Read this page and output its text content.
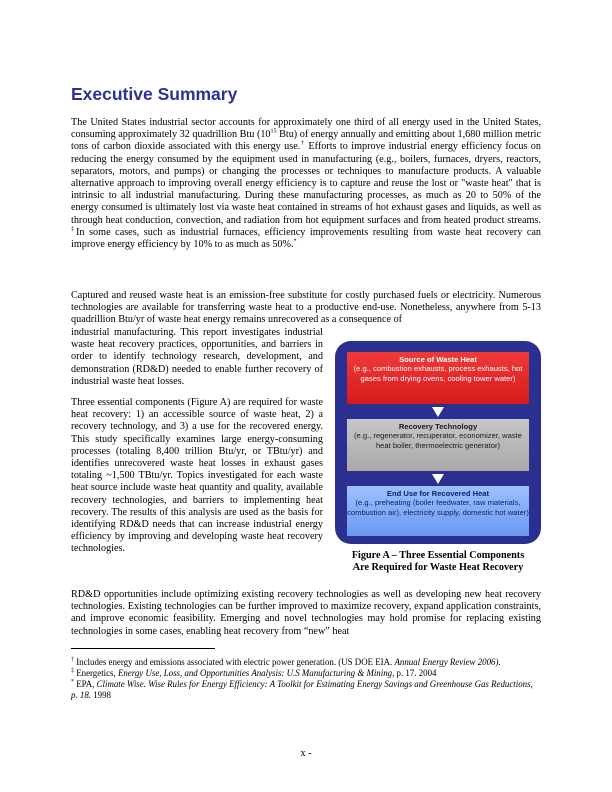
Executive Summary

The United States industrial sector accounts for approximately one third of all energy used in the United States, consuming approximately 32 quadrillion Btu ($10^{15}$ Btu) of energy annually and emitting about 1,680 million metric tons of carbon dioxide associated with this energy use.† Efforts to improve industrial energy efficiency focus on reducing the energy consumed by the equipment used in manufacturing (e.g., boilers, furnaces, dryers, reactors, separators, motors, and pumps) or changing the processes or techniques to manufacture products. A valuable alternative approach to improving overall energy efficiency is to capture and reuse the lost or "waste heat" that is intrinsic to all industrial manufacturing. During these manufacturing processes, as much as 20 to 50% of the energy consumed is ultimately lost via waste heat contained in streams of hot exhaust gases and liquids, as well as through heat conduction, convection, and radiation from hot equipment surfaces and from heated product streams. ‡In some cases, such as industrial furnaces, efficiency improvements resulting from waste heat recovery can improve energy efficiency by 10% to as much as 50%.*

Captured and reused waste heat is an emission-free substitute for costly purchased fuels or electricity. Numerous technologies are available for transferring waste heat to a productive end-use. Nonetheless, anywhere from 5-13 quadrillion Btu/yr of waste heat energy remains unrecovered as a consequence of

industrial manufacturing. This report investigates industrial waste heat recovery practices, opportunities, and barriers in order to identify technology research, development, and demonstration (RD&D) needed to enable further recovery of industrial waste heat losses.

Three essential components (Figure A) are required for waste heat recovery: 1) an accessible source of waste heat, 2) a recovery technology, and 3) a use for the recovered energy. This study specifically examines large energy-consuming processes (totaling 8,400 trillion Btu/yr, or TBtu/yr) and identifies unrecovered waste heat losses in exhaust gases totaling ~1,500 TBtu/yr. Topics investigated for each waste heat source include waste heat quantity and quality, available recovery technologies, and barriers to implementing heat recovery. The results of this analysis are used as the basis for identifying RD&D needs that can increase industrial energy efficiency by improving and developing waste heat recovery technologies.

Source of Waste Heat
(e.g., combustion exhausts, process exhausts, hot gases from drying ovens, cooling tower water)
Recovery Technology
(e.g., regenerator, recuperator, economizer, waste heat boiler, thermoelectric generator)
End Use for Recovered Heat
(e.g., preheating (boiler feedwater, raw materials, combustion air), electricity supply, domestic hot water)
Figure A – Three Essential Components
Are Required for Waste Heat Recovery

RD&D opportunities include optimizing existing recovery technologies as well as developing new heat recovery technologies. Existing technologies can be further improved to maximize recovery, expand application constraints, and improve economic feasibility. Emerging and novel technologies may hold promise for replacing existing technologies in some cases, enabling heat recovery from “new” heat

† Includes energy and emissions associated with electric power generation. (US DOE EIA. Annual Energy Review 2006).

‡ Energetics, Energy Use, Loss, and Opportunities Analysis: U.S Manufacturing & Mining, p. 17. 2004

* EPA, Climate Wise. Wise Rules for Energy Efficiency: A Toolkit for Estimating Energy Savings and Greenhouse Gas Reductions, p. 18. 1998

x -
